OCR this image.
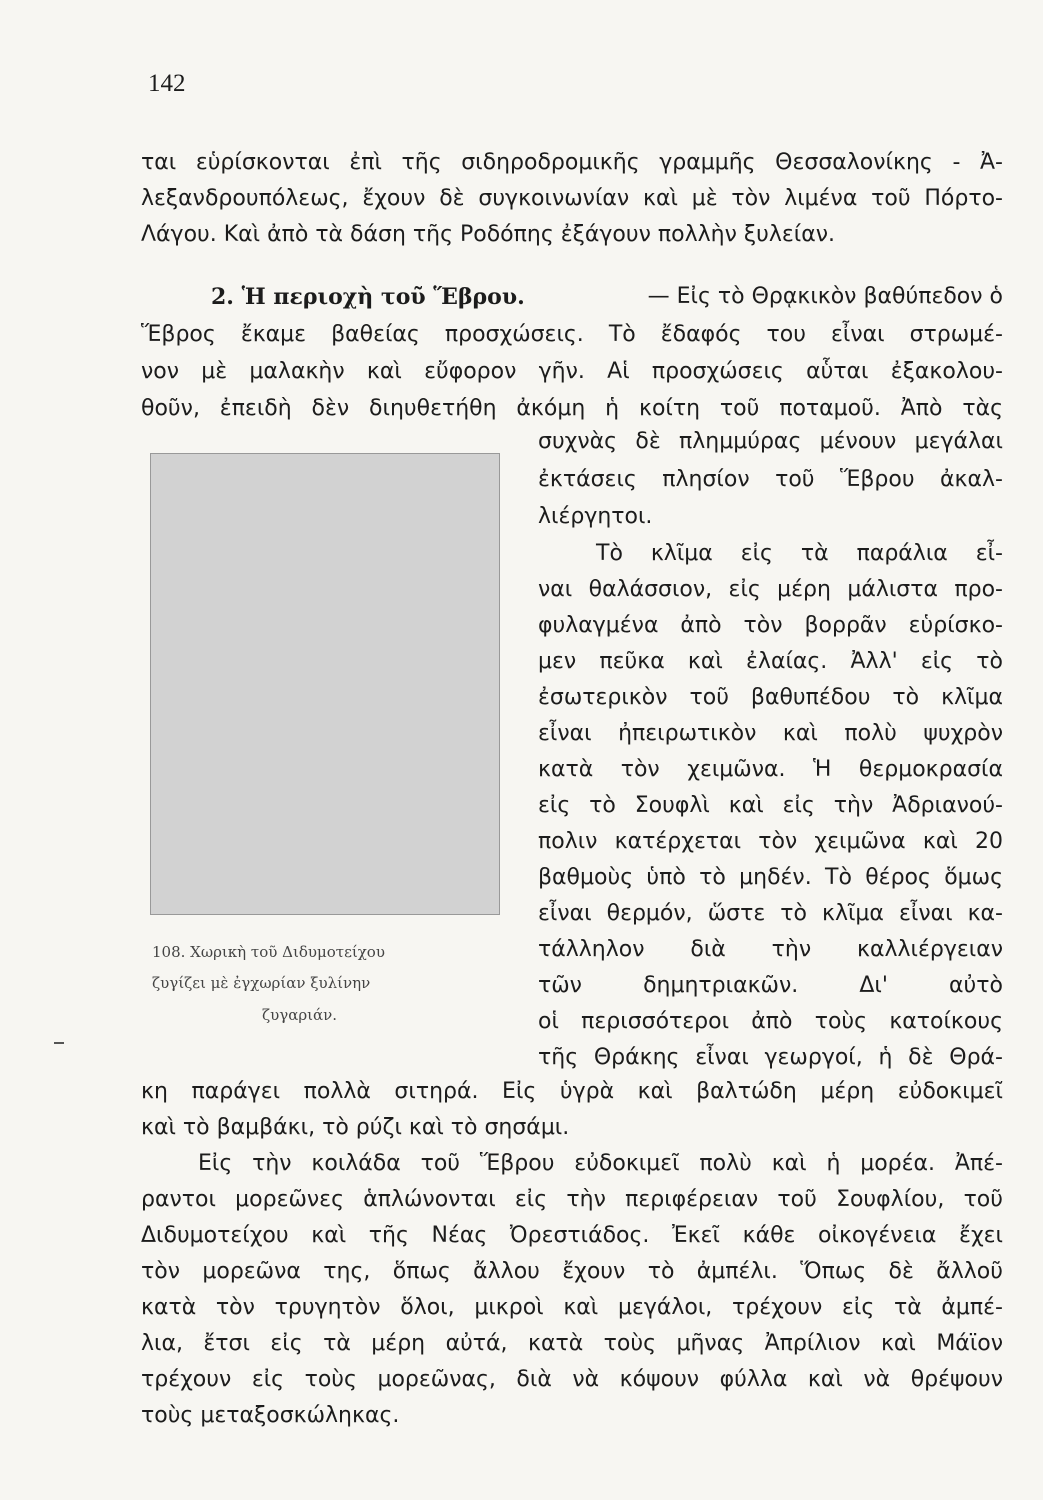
142
ται εὑρίσκονται ἐπὶ τῆς σιδηροδρομικῆς γραμμῆς Θεσσαλονίκης - Ἀ-
λεξανδρουπόλεως, ἔχουν δὲ συγκοινωνίαν καὶ μὲ τὸν λιμένα τοῦ Πόρτο-
Λάγου. Καὶ ἀπὸ τὰ δάση τῆς Ροδόπης ἐξάγουν πολλὴν ξυλείαν.
2. Ἡ περιοχὴ τοῦ Ἕβρου.	— Εἰς τὸ Θρᾳκικὸν βαθύπεδον ὁ
Ἕβρος ἔκαμε βαθείας προσχώσεις. Τὸ ἔδαφός του εἶναι στρωμέ-
νον μὲ μαλακὴν καὶ εὔφορον γῆν. Αἱ προσχώσεις αὗται ἐξακολου-
θοῦν, ἐπειδὴ δὲν διηυθετήθη ἀκόμη ἡ κοίτη τοῦ ποταμοῦ. Ἀπὸ τὰς
108. Χωρικὴ τοῦ Διδυμοτείχου
ζυγίζει μὲ ἐγχωρίαν ξυλίνην
ζυγαριάν.
συχνὰς δὲ πλημμύρας μένουν μεγάλαι
ἐκτάσεις πλησίον τοῦ Ἕβρου ἀκαλ-
λιέργητοι.
Τὸ κλῖμα εἰς τὰ παράλια εἶ-
ναι θαλάσσιον, εἰς μέρη μάλιστα προ-
φυλαγμένα ἀπὸ τὸν βορρᾶν εὑρίσκο-
μεν πεῦκα καὶ ἐλαίας. Ἀλλ' εἰς τὸ
ἐσωτερικὸν τοῦ βαθυπέδου τὸ κλῖμα
εἶναι ἠπειρωτικὸν καὶ πολὺ ψυχρὸν
κατὰ τὸν χειμῶνα. Ἡ θερμοκρασία
εἰς τὸ Σουφλὶ καὶ εἰς τὴν Ἀδριανού-
πολιν κατέρχεται τὸν χειμῶνα καὶ 20
βαθμοὺς ὑπὸ τὸ μηδέν. Τὸ θέρος ὅμως
εἶναι θερμόν, ὥστε τὸ κλῖμα εἶναι κα-
τάλληλον διὰ τὴν καλλιέργειαν
τῶν δημητριακῶν. Δι' αὐτὸ
οἱ περισσότεροι ἀπὸ τοὺς κατοίκους
τῆς Θράκης εἶναι γεωργοί, ἡ δὲ Θρά-
κη παράγει πολλὰ σιτηρά. Εἰς ὑγρὰ καὶ βαλτώδη μέρη εὐδοκιμεῖ
καὶ τὸ βαμβάκι, τὸ ρύζι καὶ τὸ σησάμι.
Εἰς τὴν κοιλάδα τοῦ Ἕβρου εὐδοκιμεῖ πολὺ καὶ ἡ μορέα. Ἀπέ-
ραντοι μορεῶνες ἁπλώνονται εἰς τὴν περιφέρειαν τοῦ Σουφλίου, τοῦ
Διδυμοτείχου καὶ τῆς Νέας Ὀρεστιάδος. Ἐκεῖ κάθε οἰκογένεια ἔχει
τὸν μορεῶνα της, ὅπως ἄλλου ἔχουν τὸ ἀμπέλι. Ὅπως δὲ ἄλλοῦ
κατὰ τὸν τρυγητὸν ὅλοι, μικροὶ καὶ μεγάλοι, τρέχουν εἰς τὰ ἀμπέ-
λια, ἔτσι εἰς τὰ μέρη αὐτά, κατὰ τοὺς μῆνας Ἀπρίλιον καὶ Μάϊον
τρέχουν εἰς τοὺς μορεῶνας, διὰ νὰ κόψουν φύλλα καὶ νὰ θρέψουν
τοὺς μεταξοσκώληκας.
